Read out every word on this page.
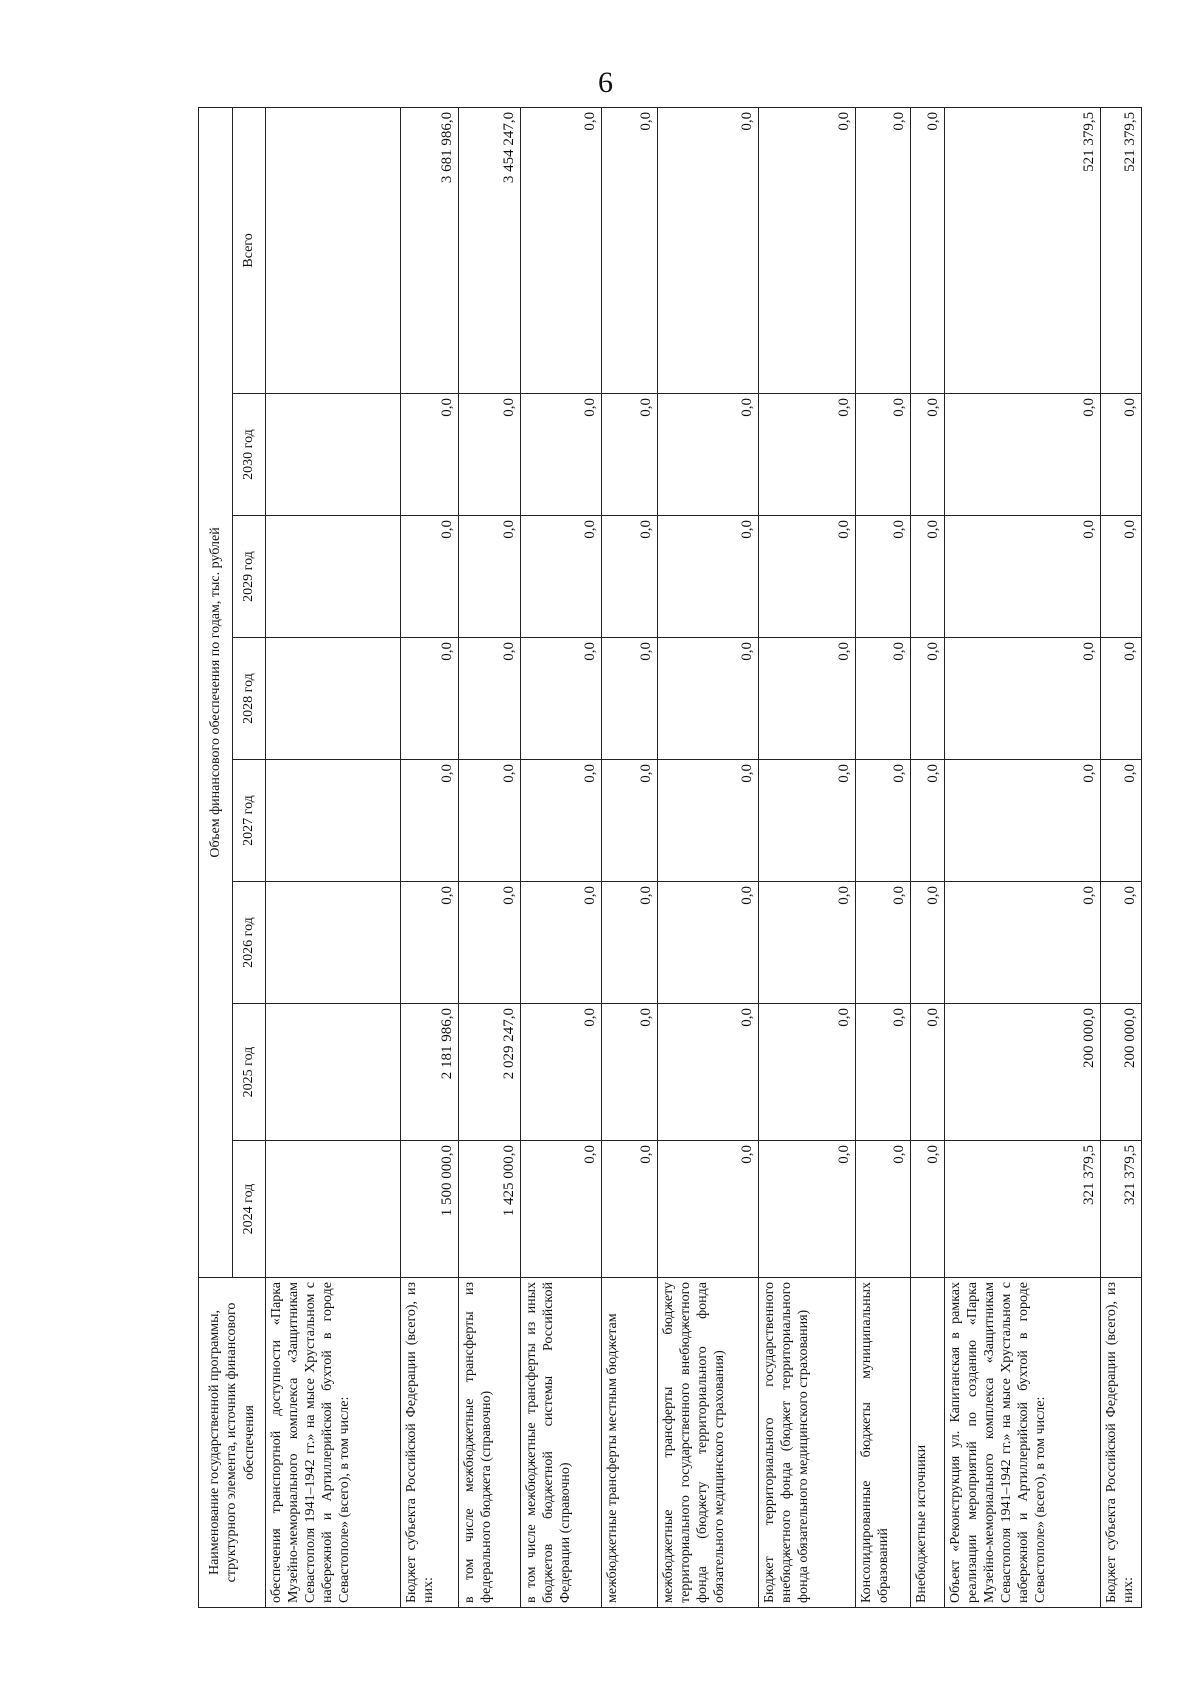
6
Наименование государственной программы, структурного элемента, источник финансового обеспечения	Объем финансового обеспечения по годам, тыс. рублей							
	2024 год	2025 год	2026 год	2027 год	2028 год	2029 год	2030 год	Всего
обеспечения транспортной доступности «Парка Музейно-мемориального комплекса «Защитникам Севастополя 1941–1942 гг.» на мысе Хрустальном с набережной и Артиллерийской бухтой в городе Севастополе» (всего), в том числе:								
Бюджет субъекта Российской Федерации (всего), из них:	1 500 000,0	2 181 986,0	0,0	0,0	0,0	0,0	0,0	3 681 986,0
в том числе межбюджетные трансферты из федерального бюджета (справочно)	1 425 000,0	2 029 247,0	0,0	0,0	0,0	0,0	0,0	3 454 247,0
в том числе межбюджетные трансферты из иных бюджетов бюджетной системы Российской Федерации (справочно)	0,0	0,0	0,0	0,0	0,0	0,0	0,0	0,0
межбюджетные трансферты местным бюджетам	0,0	0,0	0,0	0,0	0,0	0,0	0,0	0,0
межбюджетные трансферты бюджету территориального государственного внебюджетного фонда (бюджету территориального фонда обязательного медицинского страхования)	0,0	0,0	0,0	0,0	0,0	0,0	0,0	0,0
Бюджет территориального государственного внебюджетного фонда (бюджет территориального фонда обязательного медицинского страхования)	0,0	0,0	0,0	0,0	0,0	0,0	0,0	0,0
Консолидированные бюджеты муниципальных образований	0,0	0,0	0,0	0,0	0,0	0,0	0,0	0,0
Внебюджетные источники	0,0	0,0	0,0	0,0	0,0	0,0	0,0	0,0
Объект «Реконструкция ул. Капитанская в рамках реализации мероприятий по созданию «Парка Музейно-мемориального комплекса «Защитникам Севастополя 1941–1942 гг.» на мысе Хрустальном с набережной и Артиллерийской бухтой в городе Севастополе» (всего), в том числе:	321 379,5	200 000,0	0,0	0,0	0,0	0,0	0,0	521 379,5
Бюджет субъекта Российской Федерации (всего), из них:	321 379,5	200 000,0	0,0	0,0	0,0	0,0	0,0	521 379,5
